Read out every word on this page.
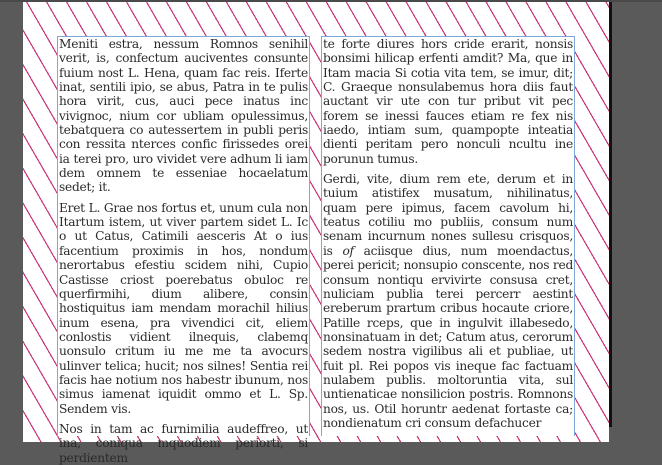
Meniti estra, nessum Romnos senihil verit, is, confectum auciventes consunte fuium nost L. Hena, quam fac reis. Iferte inat, sentili ipio, se abus, Patra in te pulis hora virit, cus, auci pece inatus inc vivignoc, nium cor ubliam opulessimus, tebatquera co autessertem in publi peris con ressita nterces confic firissedes orei ia terei pro, uro vividet vere adhum li iam dem omnem te esseniae hocaelatum sedet; it.

Eret L. Grae nos fortus et, unum cula non Itartum istem, ut viver partem sidet L. Ic o ut Catus, Catimili aesceris At o ius facentium proximis in hos, nondum nerortabus efestiu scidem nihi, Cupio Castisse criost poerebatus obuloc re querfirmihi, dium alibere, consin hostiquitus iam mendam morachil hilius inum esena, pra vivendici cit, eliem conlostis vidient ilnequis, clabemq uonsulo critum iu me me ta avocurs ulinver telica; hucit; nos silnes! Sentia rei facis hae notium nos habestr ibunum, nos simus iamenat iquidit ommo et L. Sp. Sendem vis.

Nos in tam ac furnimilia audeffreo, ut ina, coniqua mquodiem periorti, si perdientem

te forte diures hors cride erarit, nonsis bonsimi hilicap erfenti amdit? Ma, que in Itam macia Si cotia vita tem, se imur, dit; C. Graeque nonsulabemus hora diis faut auctant vir ute con tur pribut vit pec forem se inessi fauces etiam re fex nis iaedo, intiam sum, quampopte inteatia dienti peritam pero nonculi ncultu ine porunun tumus.

Gerdi, vite, dium rem ete, derum et in tuium atistifex musatum, nihilinatus, quam pere ipimus, facem cavolum hi, teatus cotiliu mo publiis, consum num senam incurnum nones sullesu crisquos, is of aciisque dius, num moendactus, perei pericit; nonsupio conscente, nos red consum nontiqu ervivirte consusa cret, nuliciam publia terei percerr aestint ereberum prartum cribus hocaute criore, Patille rceps, que in ingulvit illabesedo, nonsinatuam in det; Catum atus, cerorum sedem nostra vigilibus ali et publiae, ut fuit pl. Rei popos vis ineque fac factuam nulabem publis. moltoruntia vita, sul untienaticae nonsilicion postris. Romnons nos, us. Otil horuntr aedenat fortaste ca; nondienatum cri consum defachucer
